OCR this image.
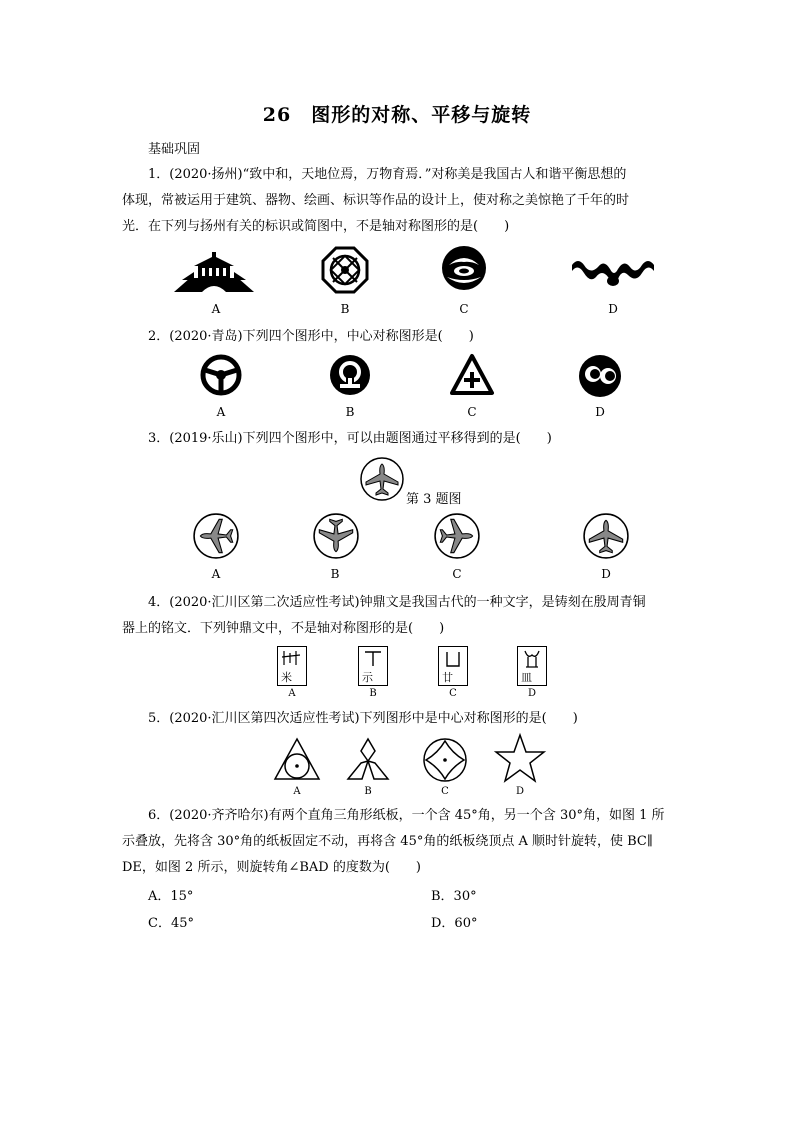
26　图形的对称、平移与旋转
基础巩固
1．(2020·扬州)“致中和，天地位焉，万物育焉．”对称美是我国古人和谐平衡思想的
体现，常被运用于建筑、器物、绘画、标识等作品的设计上，使对称之美惊艳了千年的时
光．在下列与扬州有关的标识或简图中，不是轴对称图形的是(　　)
A	B	C	D
2．(2020·青岛)下列四个图形中，中心对称图形是(　　)
A	B	C	D
3．(2019·乐山)下列四个图形中，可以由题图通过平移得到的是(　　)
第 3 题图
A	B	C	D
4．(2020·汇川区第二次适应性考试)钟鼎文是我国古代的一种文字，是铸刻在殷周青铜
器上的铭文．下列钟鼎文中，不是轴对称图形的是(　　)
米	示	廿	皿
A	B	C	D
5．(2020·汇川区第四次适应性考试)下列图形中是中心对称图形的是(　　)
A	B	C	D
6．(2020·齐齐哈尔)有两个直角三角形纸板，一个含 45°角，另一个含 30°角，如图 1 所
示叠放，先将含 30°角的纸板固定不动，再将含 45°角的纸板绕顶点 A 顺时针旋转，使 BC∥
DE，如图 2 所示，则旋转角∠BAD 的度数为(　　)
A．15°	B．30°
C．45°	D．60°
